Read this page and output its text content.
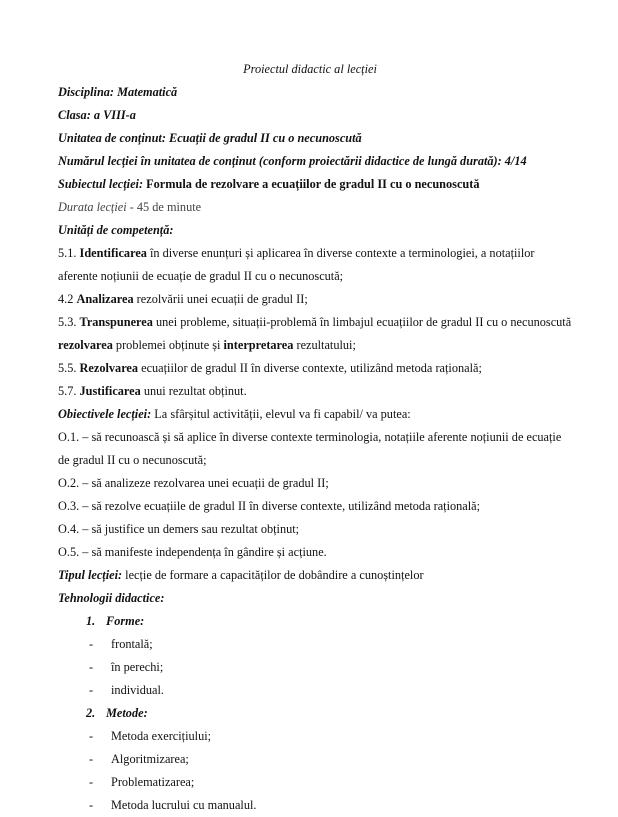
Proiectul didactic al lecției
Disciplina: Matematică
Clasa: a VIII-a
Unitatea de conținut: Ecuații de gradul II cu o necunoscută
Numărul lecției în unitatea de conținut (conform proiectării didactice de lungă durată): 4/14
Subiectul lecției: Formula de rezolvare a ecuațiilor de gradul II cu o necunoscută
Durata lecției - 45 de minute
Unități de competență:
5.1. Identificarea în diverse enunțuri și aplicarea în diverse contexte a terminologiei, a notațiilor aferente noțiunii de ecuație de gradul II cu o necunoscută;
4.2 Analizarea rezolvării unei ecuații de gradul II;
5.3. Transpunerea unei probleme, situații-problemă în limbajul ecuațiilor de gradul II cu o necunoscută
rezolvarea problemei obținute și interpretarea rezultatului;
5.5. Rezolvarea ecuațiilor de gradul II în diverse contexte, utilizând metoda rațională;
5.7. Justificarea unui rezultat obținut.
Obiectivele lecției: La sfârșitul activității, elevul va fi capabil/ va putea:
O.1. – să recunoască și să aplice în diverse contexte terminologia, notațiile aferente noțiunii de ecuație de gradul II cu o necunoscută;
O.2. – să analizeze rezolvarea unei ecuații de gradul II;
O.3. – să rezolve ecuațiile de gradul II în diverse contexte, utilizând metoda rațională;
O.4. – să justifice un demers sau rezultat obținut;
O.5. – să manifeste independența în gândire și acțiune.
Tipul lecției: lecție de formare a capacităților de dobândire a cunoștințelor
Tehnologii didactice:
1. Forme:
- frontală;
- în perechi;
- individual.
2. Metode:
- Metoda exercițiului;
- Algoritmizarea;
- Problematizarea;
- Metoda lucrului cu manualul.
